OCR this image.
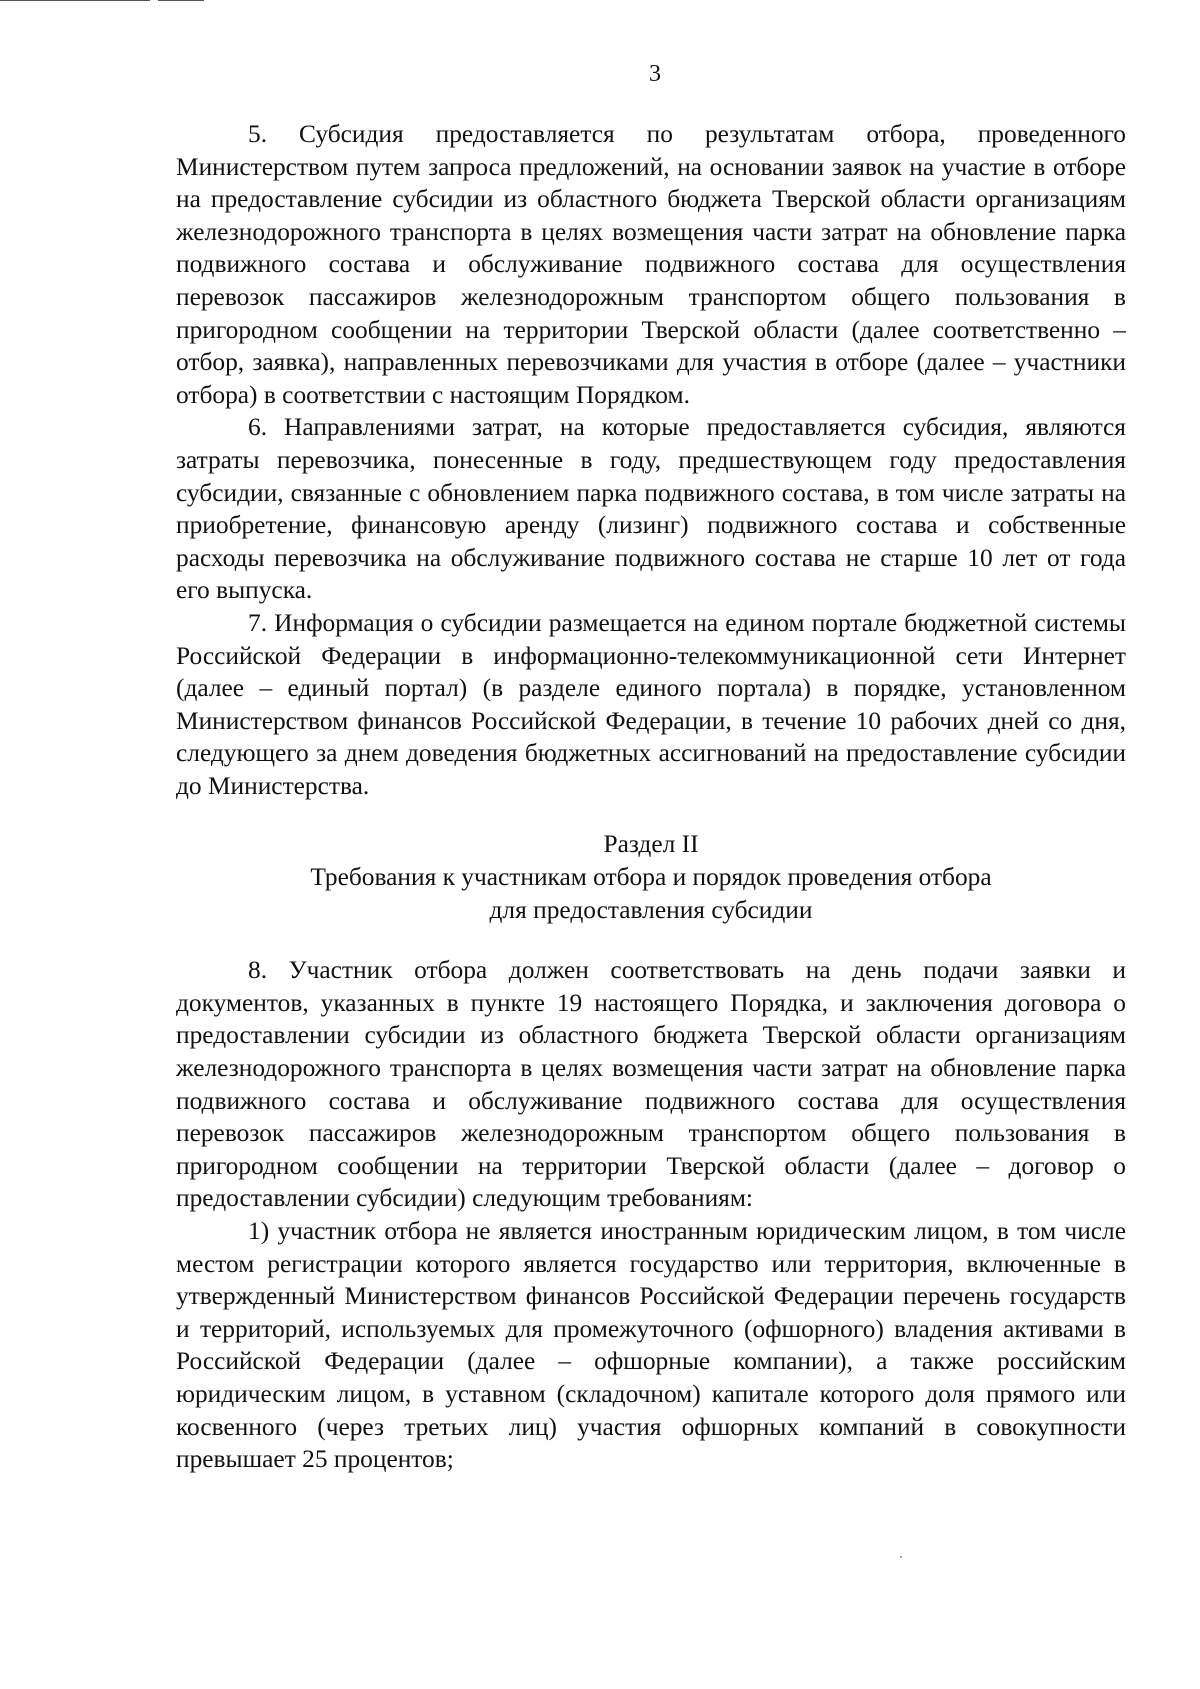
3

5. Субсидия предоставляется по результатам отбора, проведенного Министерством путем запроса предложений, на основании заявок на участие в отборе на предоставление субсидии из областного бюджета Тверской области организациям железнодорожного транспорта в целях возмещения части затрат на обновление парка подвижного состава и обслуживание подвижного состава для осуществления перевозок пассажиров железнодорожным транспортом общего пользования в пригородном сообщении на территории Тверской области (далее соответственно – отбор, заявка), направленных перевозчиками для участия в отборе (далее – участники отбора) в соответствии с настоящим Порядком.

6. Направлениями затрат, на которые предоставляется субсидия, являются затраты перевозчика, понесенные в году, предшествующем году предоставления субсидии, связанные с обновлением парка подвижного состава, в том числе затраты на приобретение, финансовую аренду (лизинг) подвижного состава и собственные расходы перевозчика на обслуживание подвижного состава не старше 10 лет от года его выпуска.

7. Информация о субсидии размещается на едином портале бюджетной системы Российской Федерации в информационно-телекоммуникационной сети Интернет (далее – единый портал) (в разделе единого портала) в порядке, установленном Министерством финансов Российской Федерации, в течение 10 рабочих дней со дня, следующего за днем доведения бюджетных ассигнований на предоставление субсидии до Министерства.

Раздел II
Требования к участникам отбора и порядок проведения отбора
для предоставления субсидии

8. Участник отбора должен соответствовать на день подачи заявки и документов, указанных в пункте 19 настоящего Порядка, и заключения договора о предоставлении субсидии из областного бюджета Тверской области организациям железнодорожного транспорта в целях возмещения части затрат на обновление парка подвижного состава и обслуживание подвижного состава для осуществления перевозок пассажиров железнодорожным транспортом общего пользования в пригородном сообщении на территории Тверской области (далее – договор о предоставлении субсидии) следующим требованиям:

1) участник отбора не является иностранным юридическим лицом, в том числе местом регистрации которого является государство или территория, включенные в утвержденный Министерством финансов Российской Федерации перечень государств и территорий, используемых для промежуточного (офшорного) владения активами в Российской Федерации (далее – офшорные компании), а также российским юридическим лицом, в уставном (складочном) капитале которого доля прямого или косвенного (через третьих лиц) участия офшорных компаний в совокупности превышает 25 процентов;
